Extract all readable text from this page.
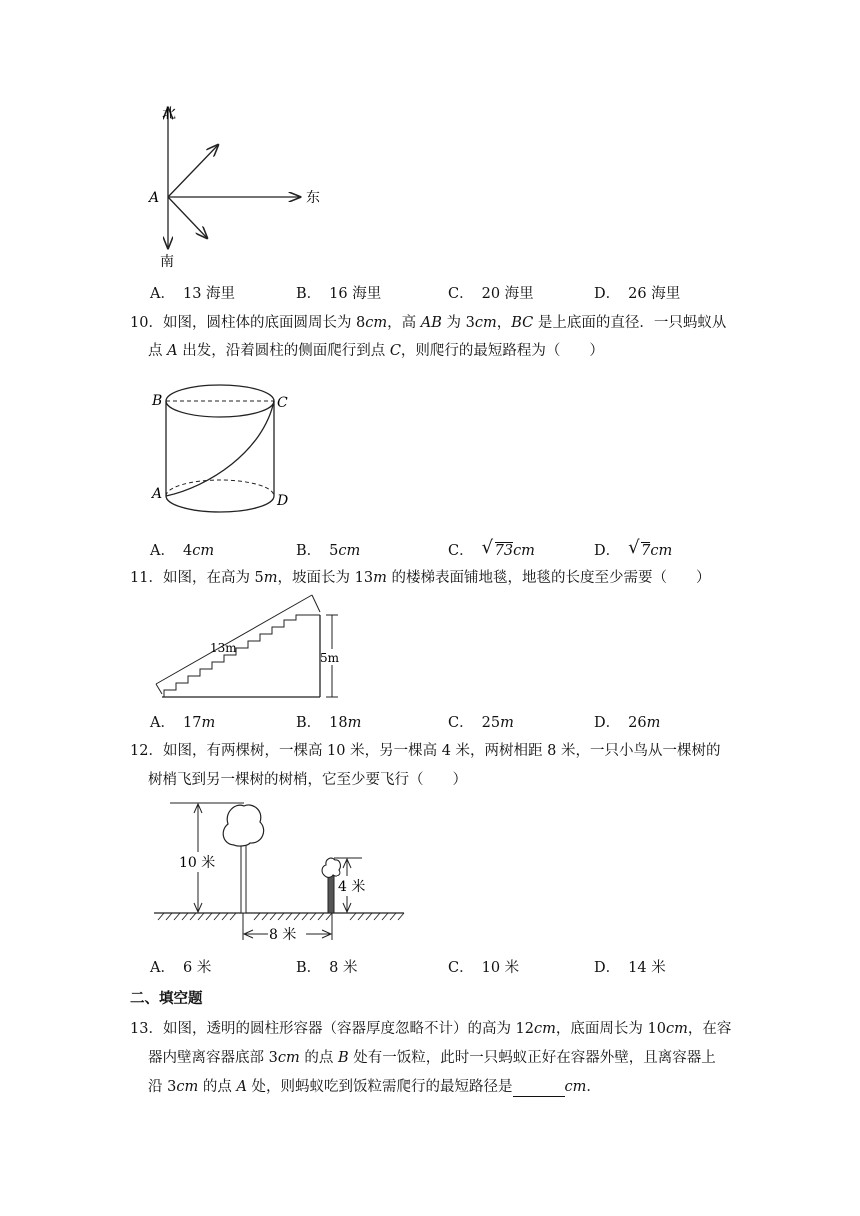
北
东
南
A
A． 13 海里	B． 16 海里	C． 20 海里	D． 26 海里
10．如图，圆柱体的底面圆周长为 8cm，高 AB 为 3cm，BC 是上底面的直径．一只蚂蚁从
点 A 出发，沿着圆柱的侧面爬行到点 C，则爬行的最短路程为（　　）
B	C
A	D
A． 4cm	B． 5cm	C． √ 73cm	D． √ 7cm
11．如图，在高为 5m，坡面长为 13m 的楼梯表面铺地毯，地毯的长度至少需要（　　）
13m
5m
A． 17m	B． 18m	C． 25m	D． 26m
12．如图，有两棵树，一棵高 10 米，另一棵高 4 米，两树相距 8 米，一只小鸟从一棵树的
树梢飞到另一棵树的树梢，它至少要飞行（　　）
10 米
4 米
8 米
A． 6 米	B． 8 米	C． 10 米	D． 14 米
二、填空题
13．如图，透明的圆柱形容器（容器厚度忽略不计）的高为 12cm，底面周长为 10cm，在容
器内壁离容器底部 3cm 的点 B 处有一饭粒，此时一只蚂蚁正好在容器外壁，且离容器上
沿 3cm 的点 A 处，则蚂蚁吃到饭粒需爬行的最短路径是	cm．
